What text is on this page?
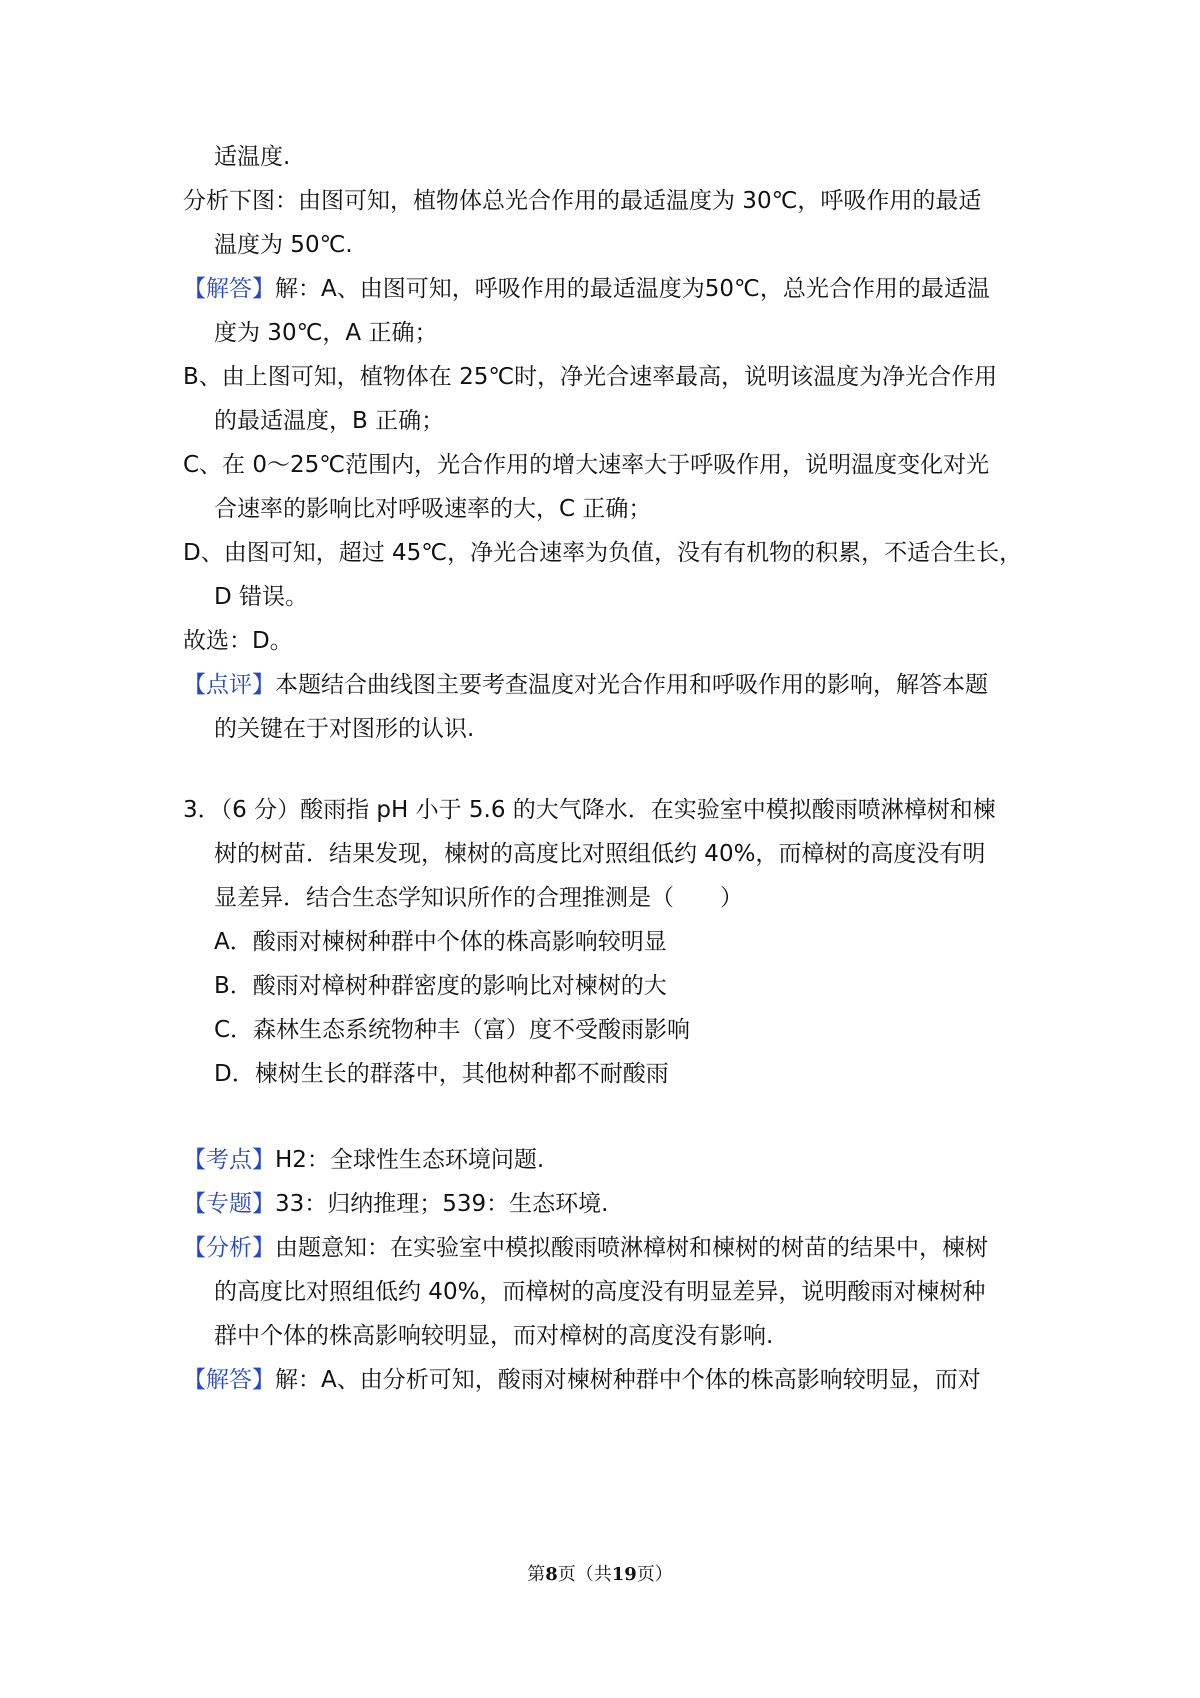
适温度.
分析下图：由图可知，植物体总光合作用的最适温度为 30℃，呼吸作用的最适
温度为 50℃.
【解答】解：A、由图可知，呼吸作用的最适温度为50℃，总光合作用的最适温
度为 30℃，A 正确；
B、由上图可知，植物体在 25℃时，净光合速率最高，说明该温度为净光合作用
的最适温度，B 正确；
C、在 0～25℃范围内，光合作用的增大速率大于呼吸作用，说明温度变化对光
合速率的影响比对呼吸速率的大，C 正确；
D、由图可知，超过 45℃，净光合速率为负值，没有有机物的积累，不适合生长，
D 错误。
故选：D。
【点评】本题结合曲线图主要考查温度对光合作用和呼吸作用的影响，解答本题
的关键在于对图形的认识.
3．（6 分）酸雨指 pH 小于 5.6 的大气降水．在实验室中模拟酸雨喷淋樟树和楝
树的树苗．结果发现，楝树的高度比对照组低约 40%，而樟树的高度没有明
显差异．结合生态学知识所作的合理推测是（　　）
A．酸雨对楝树种群中个体的株高影响较明显
B．酸雨对樟树种群密度的影响比对楝树的大
C．森林生态系统物种丰（富）度不受酸雨影响
D．楝树生长的群落中，其他树种都不耐酸雨
【考点】H2：全球性生态环境问题.
【专题】33：归纳推理；539：生态环境.
【分析】由题意知：在实验室中模拟酸雨喷淋樟树和楝树的树苗的结果中，楝树
的高度比对照组低约 40%，而樟树的高度没有明显差异，说明酸雨对楝树种
群中个体的株高影响较明显，而对樟树的高度没有影响.
【解答】解：A、由分析可知，酸雨对楝树种群中个体的株高影响较明显，而对
第8页（共19页）
